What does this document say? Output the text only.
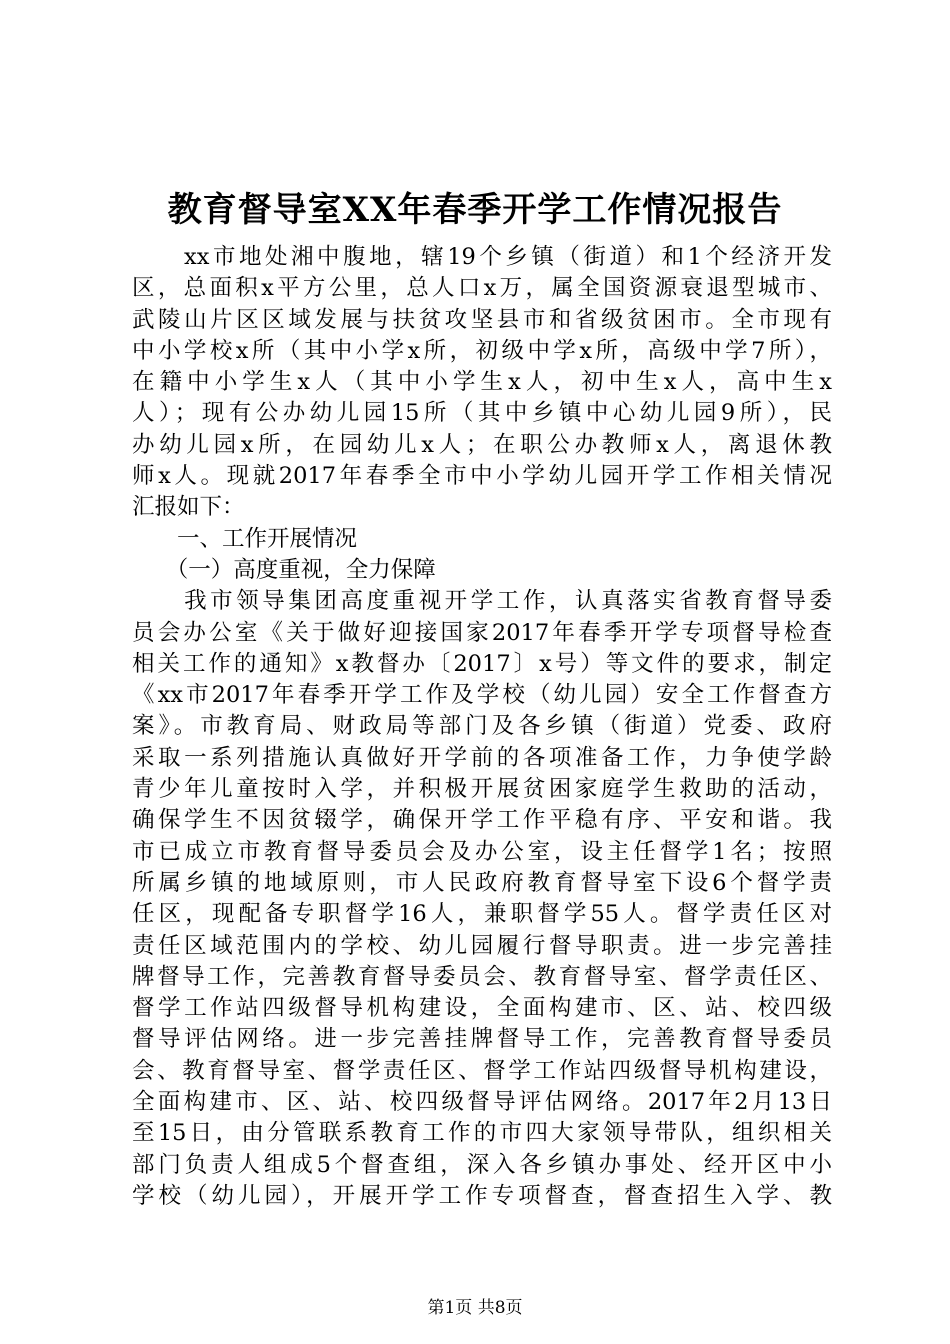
教育督导室XX年春季开学工作情况报告
　　xx市地处湘中腹地，辖19个乡镇（街道）和1个经济开发
区，总面积x平方公里，总人口x万，属全国资源衰退型城市、
武陵山片区区域发展与扶贫攻坚县市和省级贫困市。全市现有
中小学校x所（其中小学x所，初级中学x所，高级中学7所），
在籍中小学生x人（其中小学生x人，初中生x人，高中生x
人）；现有公办幼儿园15所（其中乡镇中心幼儿园9所），民
办幼儿园x所，在园幼儿x人；在职公办教师x人，离退休教
师x人。现就2017年春季全市中小学幼儿园开学工作相关情况
汇报如下：
　　一、工作开展情况
　　（一）高度重视，全力保障
　　我市领导集团高度重视开学工作，认真落实省教育督导委
员会办公室《关于做好迎接国家2017年春季开学专项督导检查
相关工作的通知》x教督办〔2017〕x号）等文件的要求，制定
《xx市2017年春季开学工作及学校（幼儿园）安全工作督查方
案》。市教育局、财政局等部门及各乡镇（街道）党委、政府
采取一系列措施认真做好开学前的各项准备工作，力争使学龄
青少年儿童按时入学，并积极开展贫困家庭学生救助的活动，
确保学生不因贫辍学，确保开学工作平稳有序、平安和谐。我
市已成立市教育督导委员会及办公室，设主任督学1名；按照
所属乡镇的地域原则，市人民政府教育督导室下设6个督学责
任区，现配备专职督学16人，兼职督学55人。督学责任区对
责任区域范围内的学校、幼儿园履行督导职责。进一步完善挂
牌督导工作，完善教育督导委员会、教育督导室、督学责任区、
督学工作站四级督导机构建设，全面构建市、区、站、校四级
督导评估网络。进一步完善挂牌督导工作，完善教育督导委员
会、教育督导室、督学责任区、督学工作站四级督导机构建设，
全面构建市、区、站、校四级督导评估网络。2017年2月13日
至15日，由分管联系教育工作的市四大家领导带队，组织相关
部门负责人组成5个督查组，深入各乡镇办事处、经开区中小
学校（幼儿园），开展开学工作专项督查，督查招生入学、教
第1页 共8页
